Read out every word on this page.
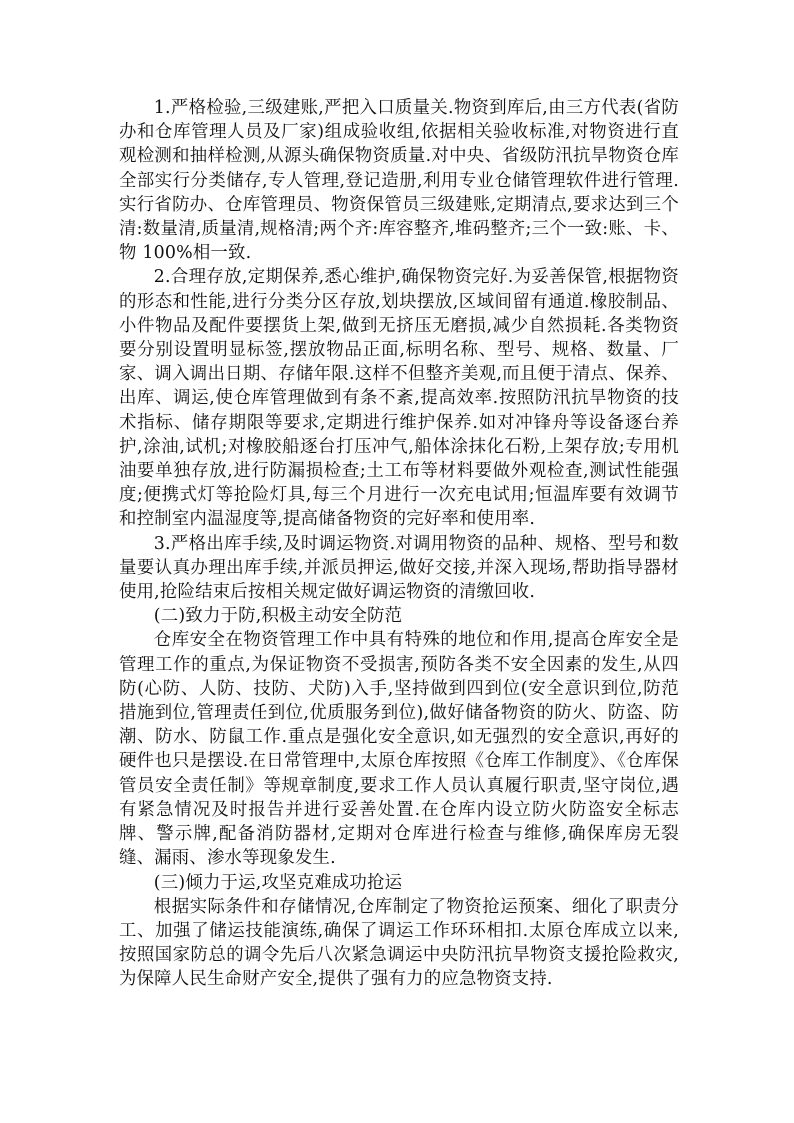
1.严格检验,三级建账,严把入口质量关.物资到库后,由三方代表(省防办和仓库管理人员及厂家)组成验收组,依据相关验收标准,对物资进行直观检测和抽样检测,从源头确保物资质量.对中央、省级防汛抗旱物资仓库全部实行分类储存,专人管理,登记造册,利用专业仓储管理软件进行管理.实行省防办、仓库管理员、物资保管员三级建账,定期清点,要求达到三个清:数量清,质量清,规格清;两个齐:库容整齐,堆码整齐;三个一致:账、卡、物 100%相一致.

2.合理存放,定期保养,悉心维护,确保物资完好.为妥善保管,根据物资的形态和性能,进行分类分区存放,划块摆放,区域间留有通道.橡胶制品、小件物品及配件要摆货上架,做到无挤压无磨损,减少自然损耗.各类物资要分别设置明显标签,摆放物品正面,标明名称、型号、规格、数量、厂家、调入调出日期、存储年限.这样不但整齐美观,而且便于清点、保养、出库、调运,使仓库管理做到有条不紊,提高效率.按照防汛抗旱物资的技术指标、储存期限等要求,定期进行维护保养.如对冲锋舟等设备逐台养护,涂油,试机;对橡胶船逐台打压冲气,船体涂抹化石粉,上架存放;专用机油要单独存放,进行防漏损检查;土工布等材料要做外观检查,测试性能强度;便携式灯等抢险灯具,每三个月进行一次充电试用;恒温库要有效调节和控制室内温湿度等,提高储备物资的完好率和使用率.

3.严格出库手续,及时调运物资.对调用物资的品种、规格、型号和数量要认真办理出库手续,并派员押运,做好交接,并深入现场,帮助指导器材使用,抢险结束后按相关规定做好调运物资的清缴回收.

(二)致力于防,积极主动安全防范

仓库安全在物资管理工作中具有特殊的地位和作用,提高仓库安全是管理工作的重点,为保证物资不受损害,预防各类不安全因素的发生,从四防(心防、人防、技防、犬防)入手,坚持做到四到位(安全意识到位,防范措施到位,管理责任到位,优质服务到位),做好储备物资的防火、防盗、防潮、防水、防鼠工作.重点是强化安全意识,如无强烈的安全意识,再好的硬件也只是摆设.在日常管理中,太原仓库按照《仓库工作制度》、《仓库保管员安全责任制》等规章制度,要求工作人员认真履行职责,坚守岗位,遇有紧急情况及时报告并进行妥善处置.在仓库内设立防火防盗安全标志牌、警示牌,配备消防器材,定期对仓库进行检查与维修,确保库房无裂缝、漏雨、渗水等现象发生.

(三)倾力于运,攻坚克难成功抢运

根据实际条件和存储情况,仓库制定了物资抢运预案、细化了职责分工、加强了储运技能演练,确保了调运工作环环相扣.太原仓库成立以来,按照国家防总的调令先后八次紧急调运中央防汛抗旱物资支援抢险救灾,为保障人民生命财产安全,提供了强有力的应急物资支持.
